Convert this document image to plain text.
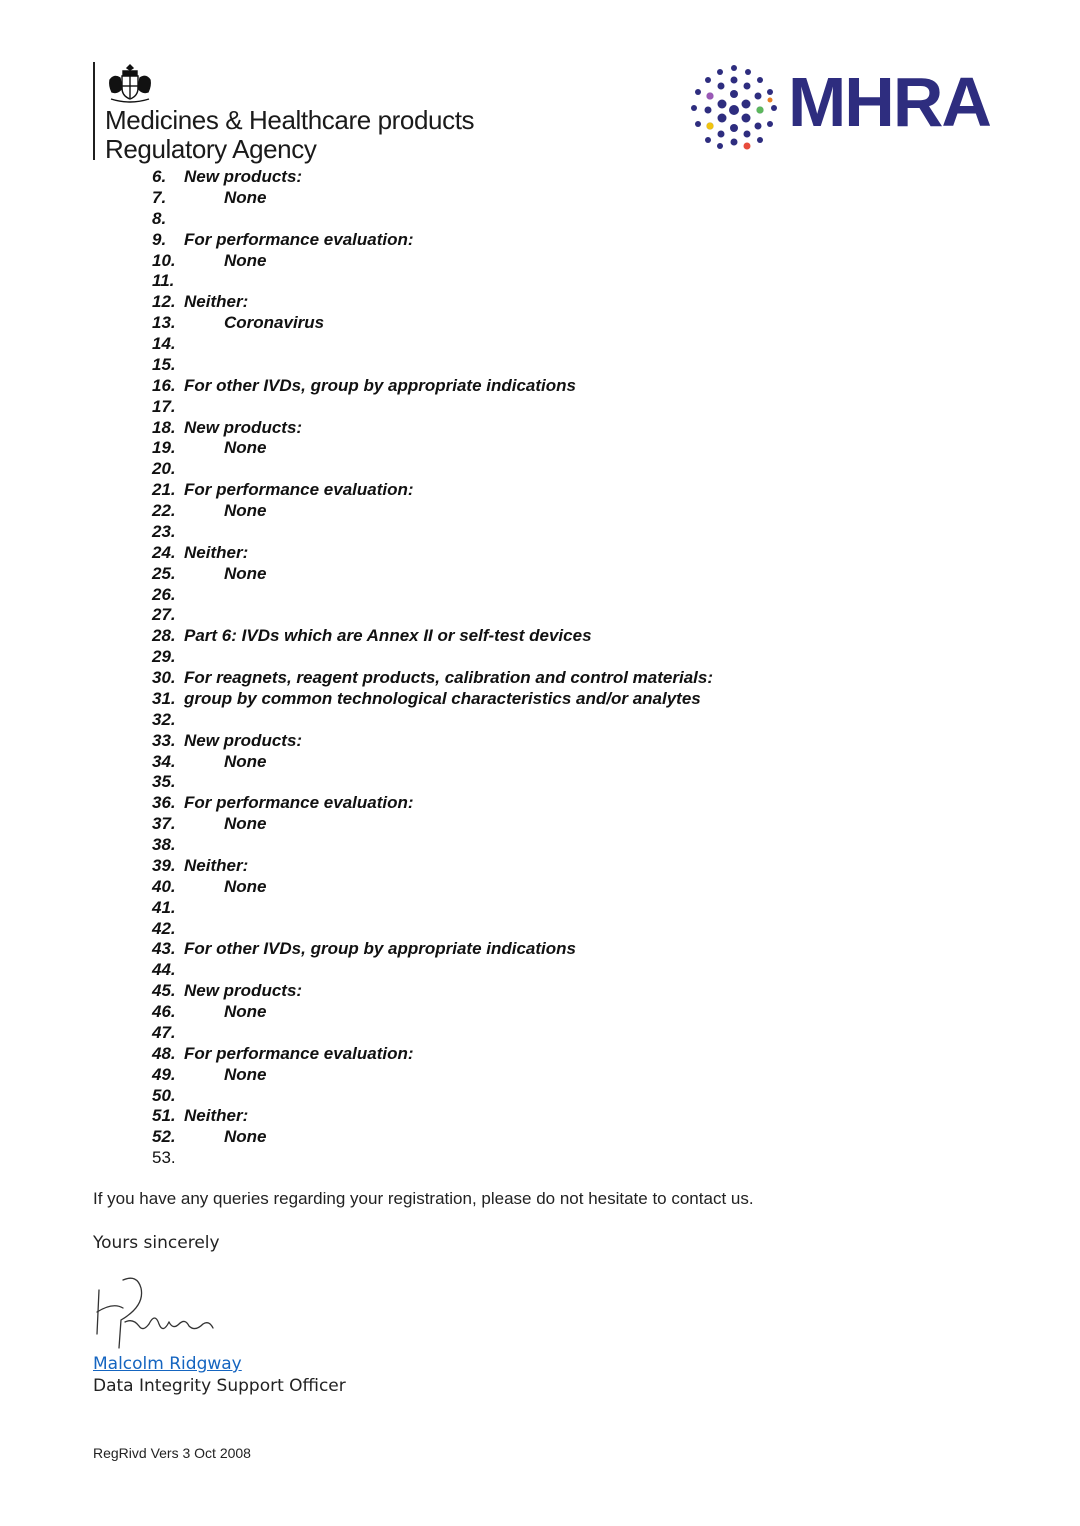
Medicines & Healthcare products
Regulatory Agency
MHRA
6.	New products:
7.	None
8.
9.	For performance evaluation:
10.	None
11.
12. Neither:
13.	Coronavirus
14.
15.
16. For other IVDs, group by appropriate indications
17.
18. New products:
19.	None
20.
21. For performance evaluation:
22.	None
23.
24. Neither:
25.	None
26.
27.
28. Part 6: IVDs which are Annex II or self-test devices
29.
30. For reagnets, reagent products, calibration and control materials:
31. group by common technological characteristics and/or analytes
32.
33. New products:
34.	None
35.
36. For performance evaluation:
37.	None
38.
39. Neither:
40.	None
41.
42.
43. For other IVDs, group by appropriate indications
44.
45. New products:
46.	None
47.
48. For performance evaluation:
49.	None
50.
51. Neither:
52.	None
53.
If you have any queries regarding your registration, please do not hesitate to contact us.
Yours sincerely
Malcolm Ridgway
Data Integrity Support Officer
RegRivd Vers 3 Oct 2008
